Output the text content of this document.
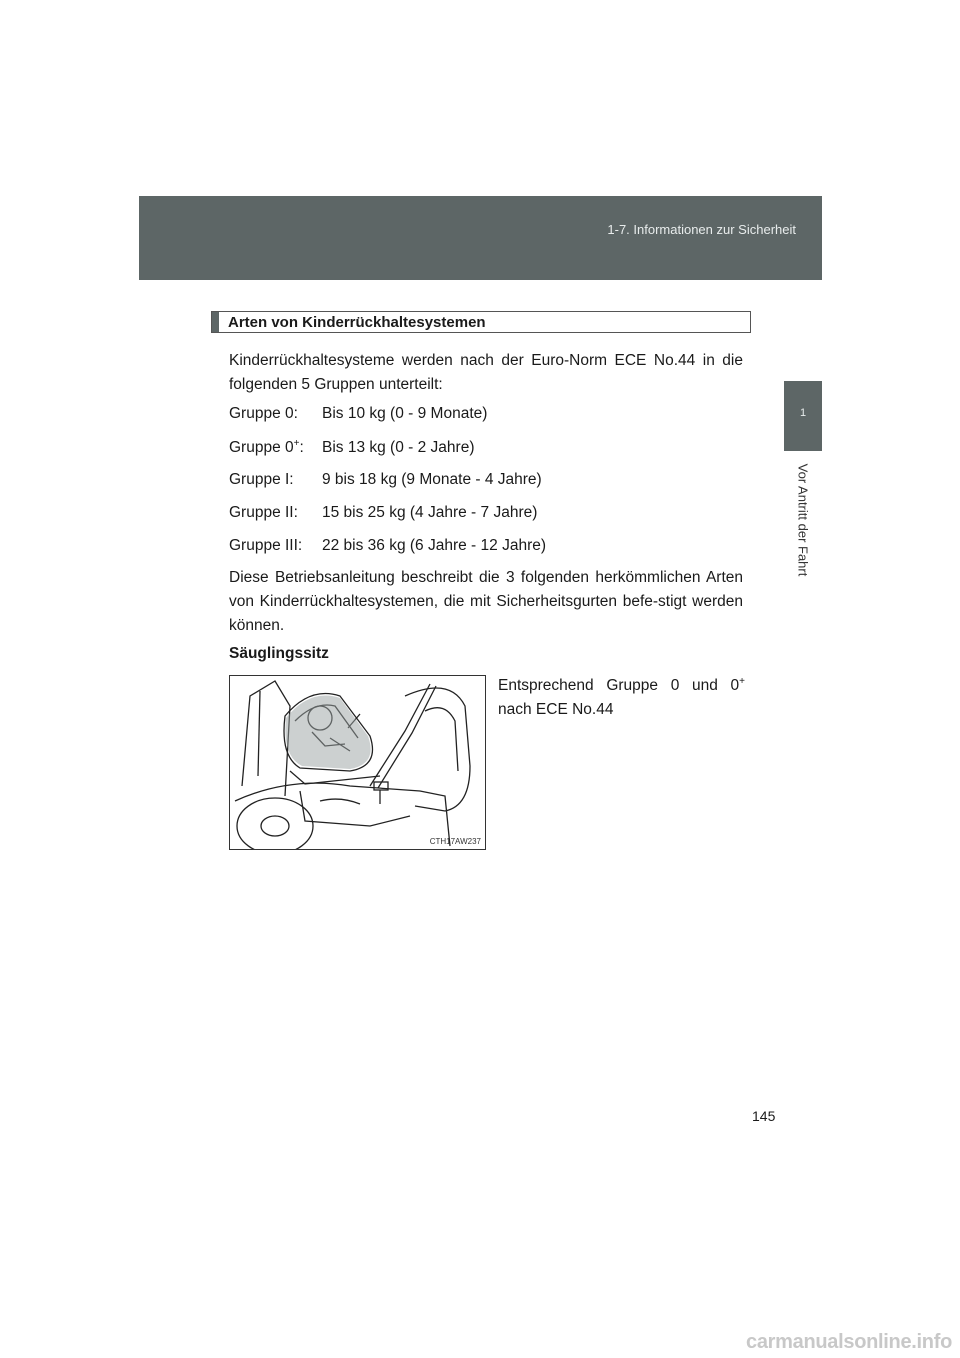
1-7. Informationen zur Sicherheit
1
Vor Antritt der Fahrt
Arten von Kinderrückhaltesystemen

Kinderrückhaltesysteme werden nach der Euro-Norm ECE No.44 in die folgenden 5 Gruppen unterteilt:

Gruppe 0: Bis 10 kg (0 - 9 Monate)
Gruppe 0+: Bis 13 kg (0 - 2 Jahre)
Gruppe I: 9 bis 18 kg (9 Monate - 4 Jahre)
Gruppe II: 15 bis 25 kg (4 Jahre - 7 Jahre)
Gruppe III: 22 bis 36 kg (6 Jahre - 12 Jahre)

Diese Betriebsanleitung beschreibt die 3 folgenden herkömmlichen Arten von Kinderrückhaltesystemen, die mit Sicherheitsgurten befe-stigt werden können.

Säuglingssitz
CTH17AW237
Entsprechend Gruppe 0 und 0+
nach ECE No.44
145
carmanualsonline.info
